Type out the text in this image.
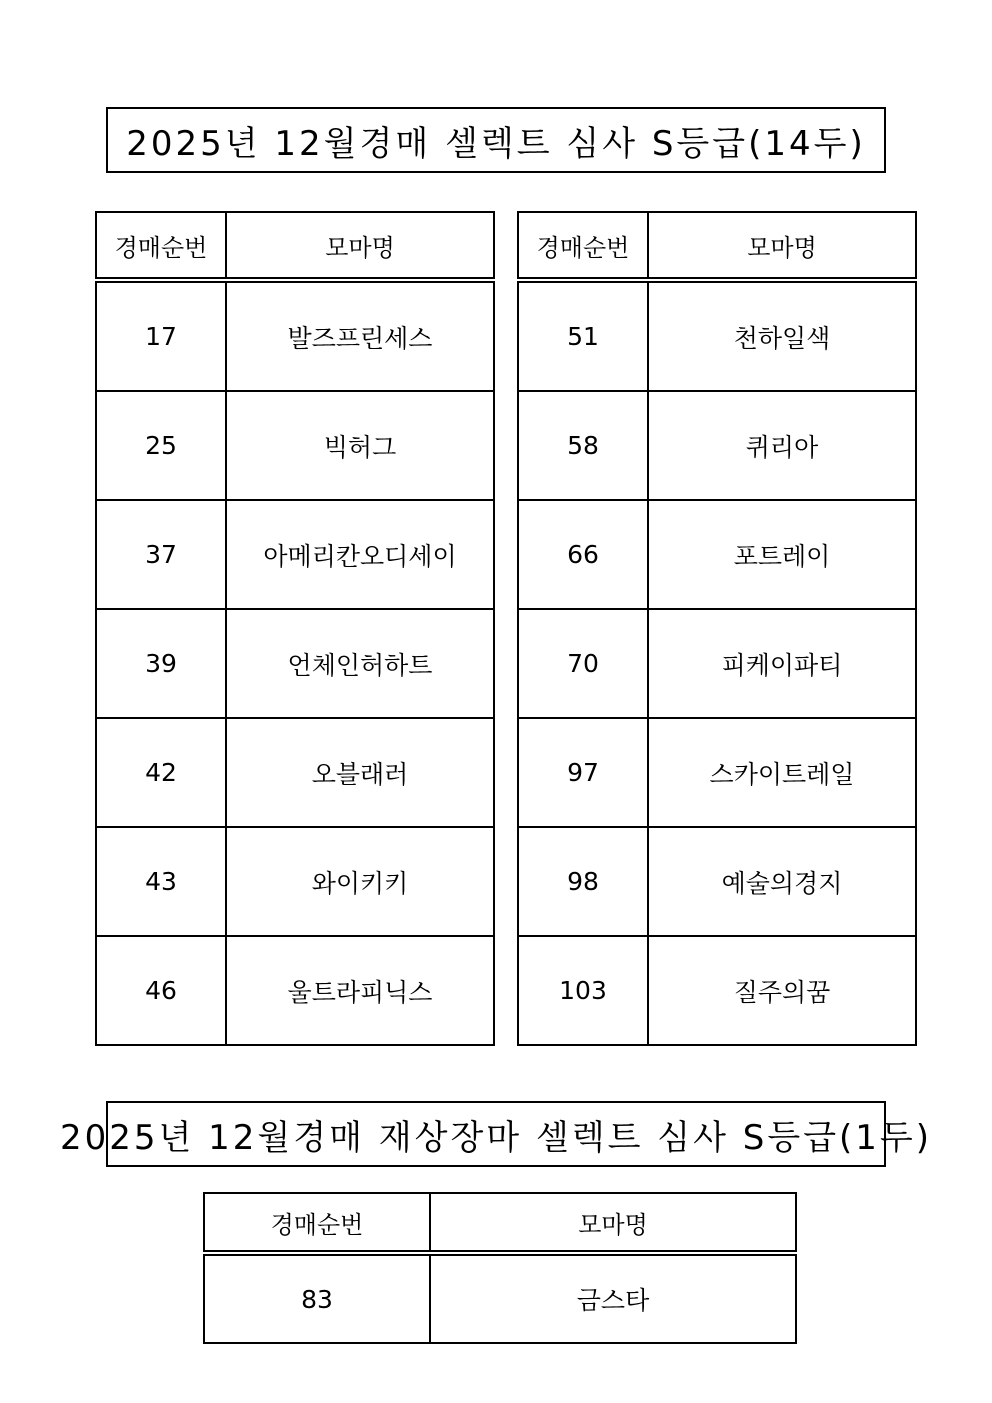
2025년 12월경매 셀렉트 심사 S등급(14두)
경매순번	모마명
17	발즈프린세스
25	빅허그
37	아메리칸오디세이
39	언체인허하트
42	오블래러
43	와이키키
46	울트라피닉스
경매순번	모마명
51	천하일색
58	퀴리아
66	포트레이
70	피케이파티
97	스카이트레일
98	예술의경지
103	질주의꿈
2025년 12월경매 재상장마 셀렉트 심사 S등급(1두)
경매순번	모마명
83	금스타
